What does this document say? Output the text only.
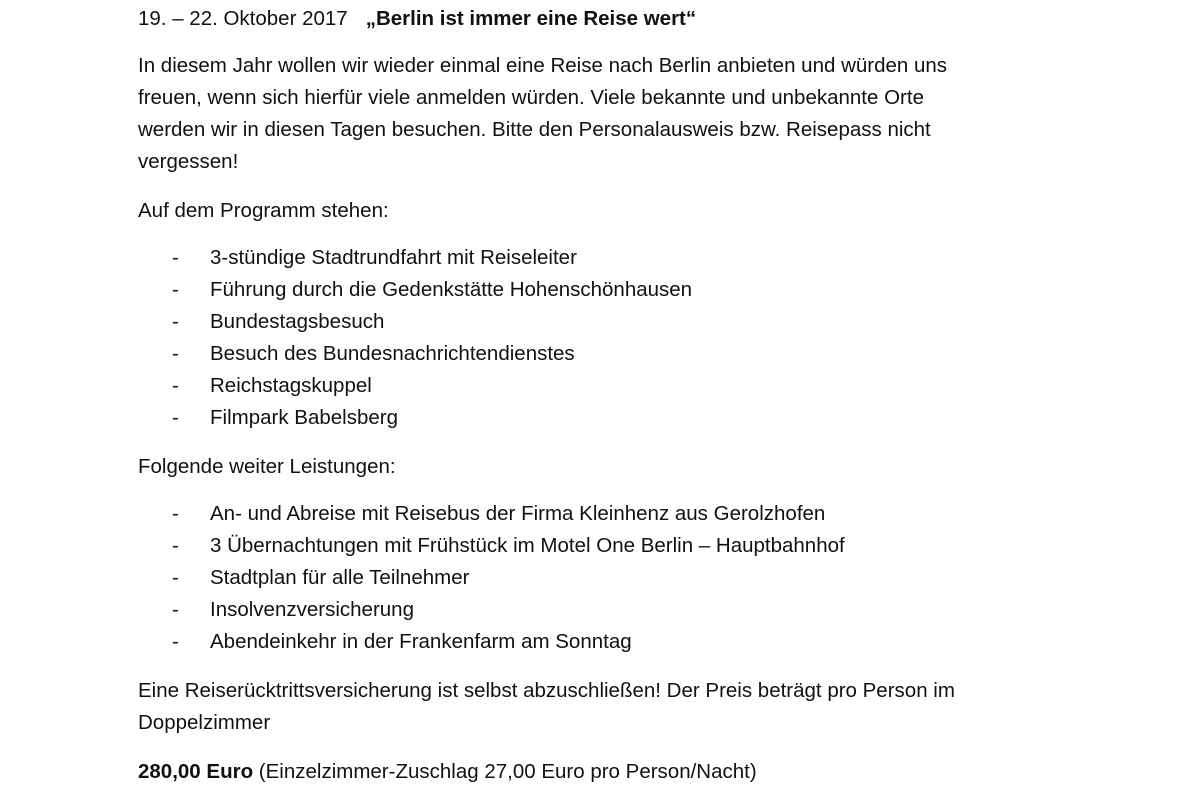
19. – 22. Oktober 2017 „Berlin ist immer eine Reise wert“

In diesem Jahr wollen wir wieder einmal eine Reise nach Berlin anbieten und würden uns

freuen, wenn sich hierfür viele anmelden würden. Viele bekannte und unbekannte Orte

werden wir in diesen Tagen besuchen. Bitte den Personalausweis bzw. Reisepass nicht

vergessen!

Auf dem Programm stehen:

- 3-stündige Stadtrundfahrt mit Reiseleiter
- Führung durch die Gedenkstätte Hohenschönhausen
- Bundestagsbesuch
- Besuch des Bundesnachrichtendienstes
- Reichstagskuppel
- Filmpark Babelsberg

Folgende weiter Leistungen:

- An- und Abreise mit Reisebus der Firma Kleinhenz aus Gerolzhofen
- 3 Übernachtungen mit Frühstück im Motel One Berlin – Hauptbahnhof
- Stadtplan für alle Teilnehmer
- Insolvenzversicherung
- Abendeinkehr in der Frankenfarm am Sonntag

Eine Reiserücktrittsversicherung ist selbst abzuschließen! Der Preis beträgt pro Person im

Doppelzimmer

280,00 Euro (Einzelzimmer-Zuschlag 27,00 Euro pro Person/Nacht)
